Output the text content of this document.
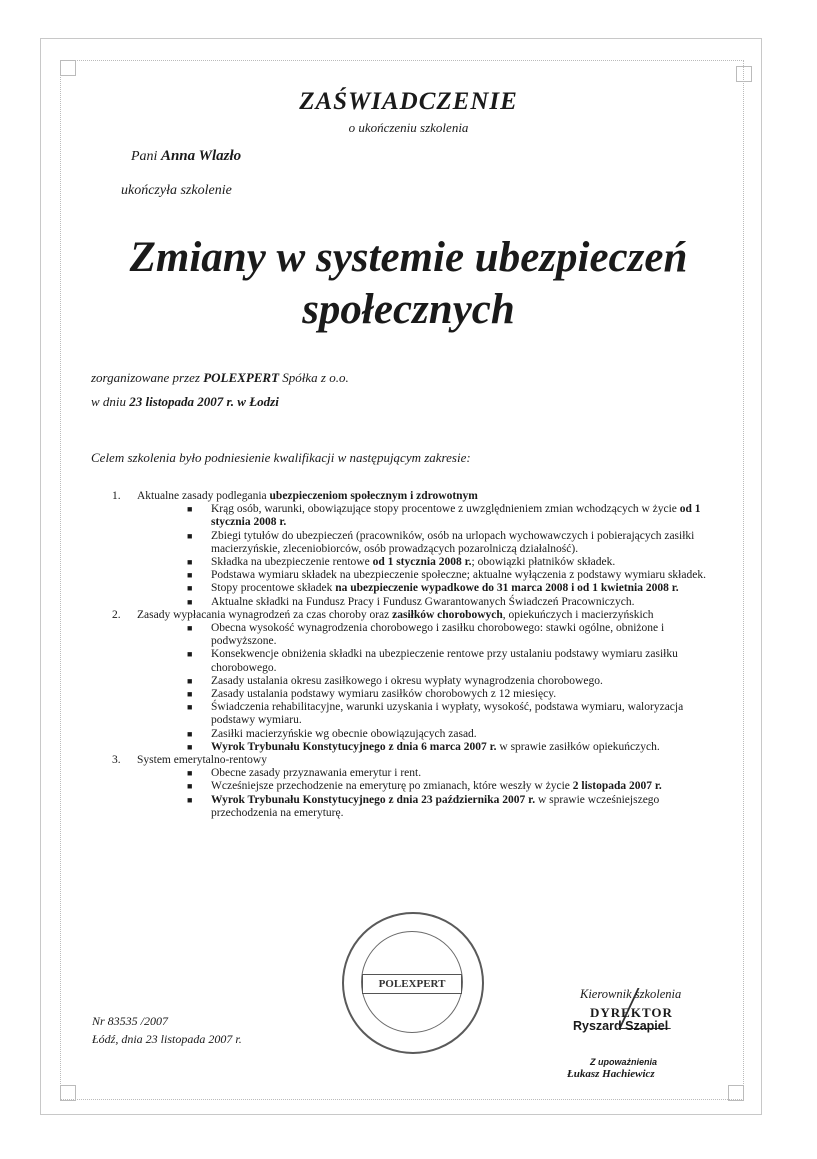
ZAŚWIADCZENIE
o ukończeniu szkolenia
Pani Anna Wlazło
ukończyła szkolenie
Zmiany w systemie ubezpieczeń
społecznych
zorganizowane przez POLEXPERT Spółka z o.o.
w dniu 23 listopada 2007 r. w Łodzi
Celem szkolenia było podniesienie kwalifikacji w następującym zakresie:
1. Aktualne zasady podlegania ubezpieczeniom społecznym i zdrowotnym
■ Krąg osób, warunki, obowiązujące stopy procentowe z uwzględnieniem zmian wchodzących w życie od 1 stycznia 2008 r.
■ Zbiegi tytułów do ubezpieczeń (pracowników, osób na urlopach wychowawczych i pobierających zasiłki macierzyńskie, zleceniobiorców, osób prowadzących pozarolniczą działalność).
■ Składka na ubezpieczenie rentowe od 1 stycznia 2008 r.; obowiązki płatników składek.
■ Podstawa wymiaru składek na ubezpieczenie społeczne; aktualne wyłączenia z podstawy wymiaru składek.
■ Stopy procentowe składek na ubezpieczenie wypadkowe do 31 marca 2008 i od 1 kwietnia 2008 r.
■ Aktualne składki na Fundusz Pracy i Fundusz Gwarantowanych Świadczeń Pracowniczych.
2. Zasady wypłacania wynagrodzeń za czas choroby oraz zasiłków chorobowych, opiekuńczych i macierzyńskich
■ Obecna wysokość wynagrodzenia chorobowego i zasiłku chorobowego: stawki ogólne, obniżone i podwyższone.
■ Konsekwencje obniżenia składki na ubezpieczenie rentowe przy ustalaniu podstawy wymiaru zasiłku chorobowego.
■ Zasady ustalania okresu zasiłkowego i okresu wypłaty wynagrodzenia chorobowego.
■ Zasady ustalania podstawy wymiaru zasiłków chorobowych z 12 miesięcy.
■ Świadczenia rehabilitacyjne, warunki uzyskania i wypłaty, wysokość, podstawa wymiaru, waloryzacja podstawy wymiaru.
■ Zasiłki macierzyńskie wg obecnie obowiązujących zasad.
■ Wyrok Trybunału Konstytucyjnego z dnia 6 marca 2007 r. w sprawie zasiłków opiekuńczych.
3. System emerytalno-rentowy
■ Obecne zasady przyznawania emerytur i rent.
■ Wcześniejsze przechodzenie na emeryturę po zmianach, które weszły w życie 2 listopada 2007 r.
■ Wyrok Trybunału Konstytucyjnego z dnia 23 października 2007 r. w sprawie wcześniejszego przechodzenia na emeryturę.
POLEXPERT
Nr 83535 /2007
Łódź, dnia 23 listopada 2007 r.
Kierownik szkolenia
DYREKTOR
Ryszard Szapiel
Z upoważnienia
Łukasz Hachiewicz
